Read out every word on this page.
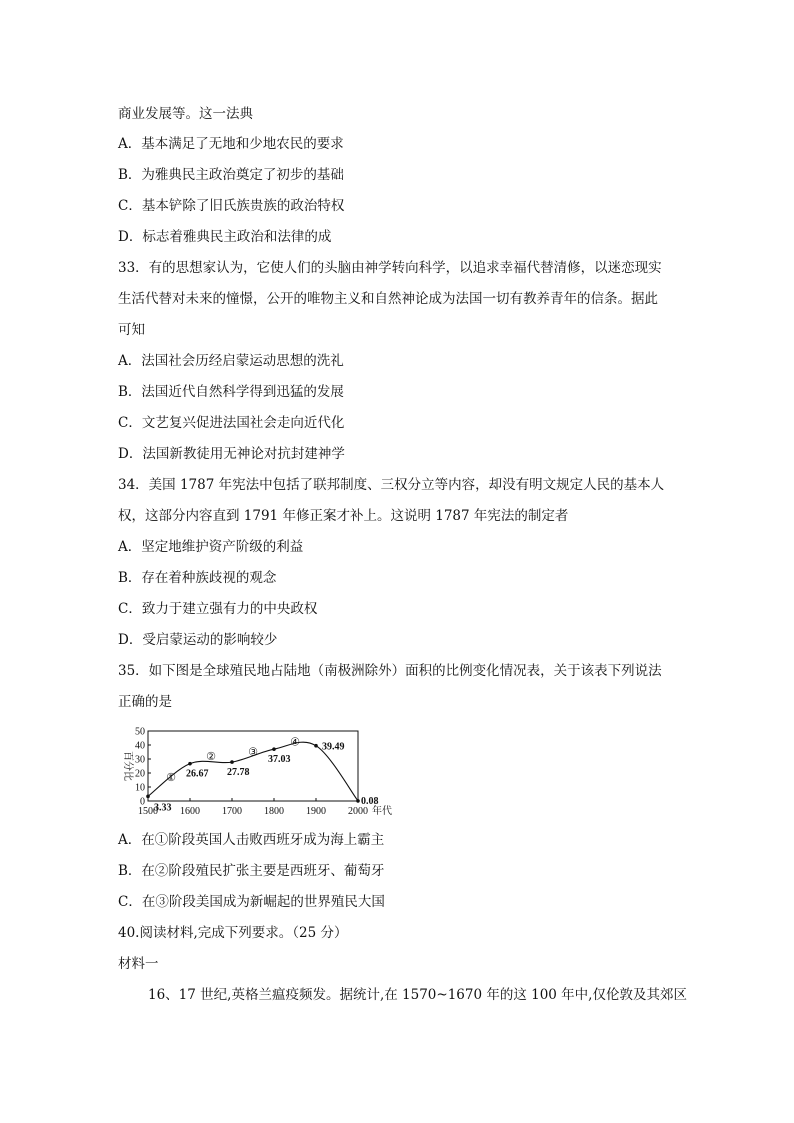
商业发展等。这一法典
A．基本满足了无地和少地农民的要求
B．为雅典民主政治奠定了初步的基础
C．基本铲除了旧氏族贵族的政治特权
D．标志着雅典民主政治和法律的成
33．有的思想家认为，它使人们的头脑由神学转向科学，以追求幸福代替清修，以迷恋现实
生活代替对未来的憧憬，公开的唯物主义和自然神论成为法国一切有教养青年的信条。据此
可知
A．法国社会历经启蒙运动思想的洗礼
B．法国近代自然科学得到迅猛的发展
C．文艺复兴促进法国社会走向近代化
D．法国新教徒用无神论对抗封建神学
34．美国 1787 年宪法中包括了联邦制度、三权分立等内容，却没有明文规定人民的基本人
权，这部分内容直到 1791 年修正案才补上。这说明 1787 年宪法的制定者
A．坚定地维护资产阶级的利益
B．存在着种族歧视的观念
C．致力于建立强有力的中央政权
D．受启蒙运动的影响较少
35．如下图是全球殖民地占陆地（南极洲除外）面积的比例变化情况表，关于该表下列说法
正确的是
0
10
20
30
40
50
1500 1600 1700 1800 1900 2000 年代
百分比
3.33
26.67 27.78
37.03
39.49
0.08
①
②	③
④
A．在①阶段英国人击败西班牙成为海上霸主
B．在②阶段殖民扩张主要是西班牙、葡萄牙
C．在③阶段美国成为新崛起的世界殖民大国
40.阅读材料,完成下列要求。（25 分）
材料一
16、17 世纪,英格兰瘟疫频发。据统计,在 1570~1670 年的这 100 年中,仅伦敦及其郊区
